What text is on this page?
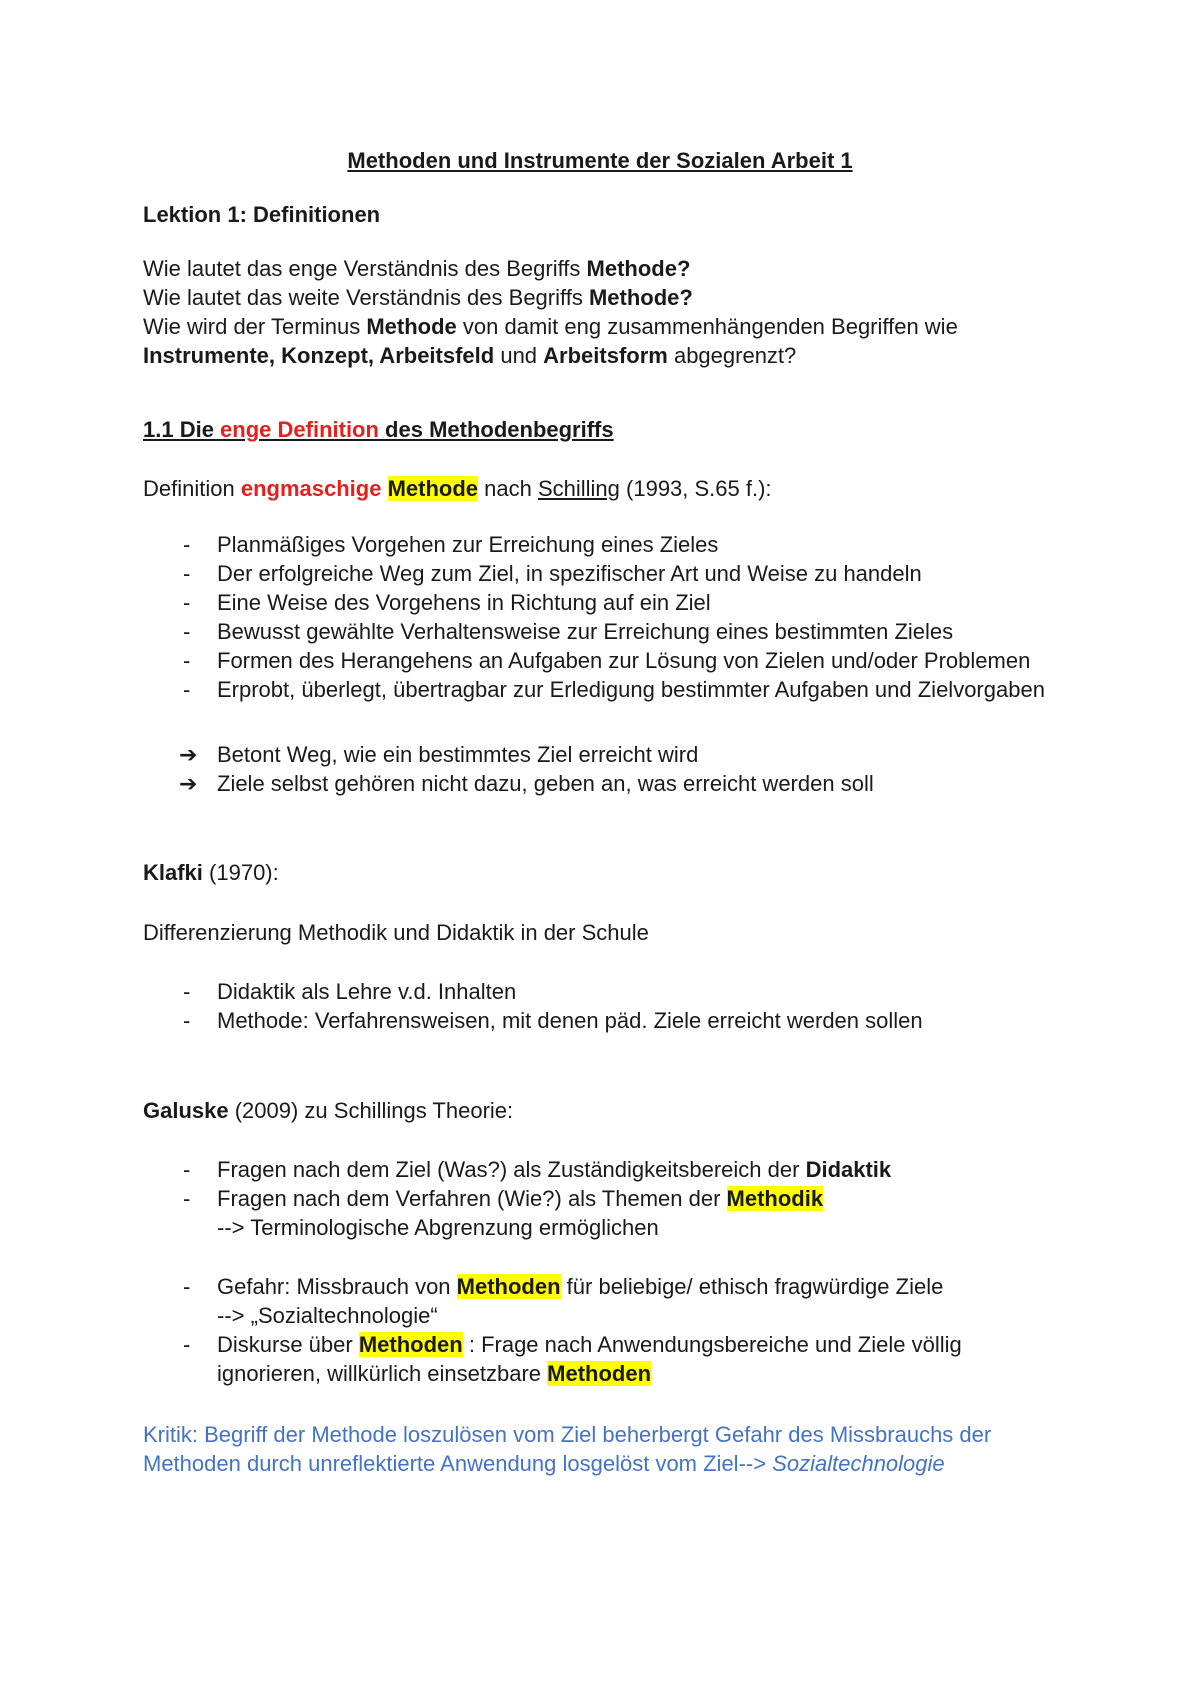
Methoden und Instrumente der Sozialen Arbeit 1
Lektion 1: Definitionen
Wie lautet das enge Verständnis des Begriffs Methode?
Wie lautet das weite Verständnis des Begriffs Methode?
Wie wird der Terminus Methode von damit eng zusammenhängenden Begriffen wie
Instrumente, Konzept, Arbeitsfeld und Arbeitsform abgegrenzt?
1.1 Die enge Definition des Methodenbegriffs
Definition engmaschige Methode nach Schilling (1993, S.65 f.):
- Planmäßiges Vorgehen zur Erreichung eines Zieles
- Der erfolgreiche Weg zum Ziel, in spezifischer Art und Weise zu handeln
- Eine Weise des Vorgehens in Richtung auf ein Ziel
- Bewusst gewählte Verhaltensweise zur Erreichung eines bestimmten Zieles
- Formen des Herangehens an Aufgaben zur Lösung von Zielen und/oder Problemen
- Erprobt, überlegt, übertragbar zur Erledigung bestimmter Aufgaben und Zielvorgaben
➔ Betont Weg, wie ein bestimmtes Ziel erreicht wird
➔ Ziele selbst gehören nicht dazu, geben an, was erreicht werden soll
Klafki (1970):
Differenzierung Methodik und Didaktik in der Schule
- Didaktik als Lehre v.d. Inhalten
- Methode: Verfahrensweisen, mit denen päd. Ziele erreicht werden sollen
Galuske (2009) zu Schillings Theorie:
- Fragen nach dem Ziel (Was?) als Zuständigkeitsbereich der Didaktik
- Fragen nach dem Verfahren (Wie?) als Themen der Methodik
--> Terminologische Abgrenzung ermöglichen
- Gefahr: Missbrauch von Methoden für beliebige/ ethisch fragwürdige Ziele
--> „Sozialtechnologie“
- Diskurse über Methoden : Frage nach Anwendungsbereiche und Ziele völlig
ignorieren, willkürlich einsetzbare Methoden
Kritik: Begriff der Methode loszulösen vom Ziel beherbergt Gefahr des Missbrauchs der
Methoden durch unreflektierte Anwendung losgelöst vom Ziel--> Sozialtechnologie
